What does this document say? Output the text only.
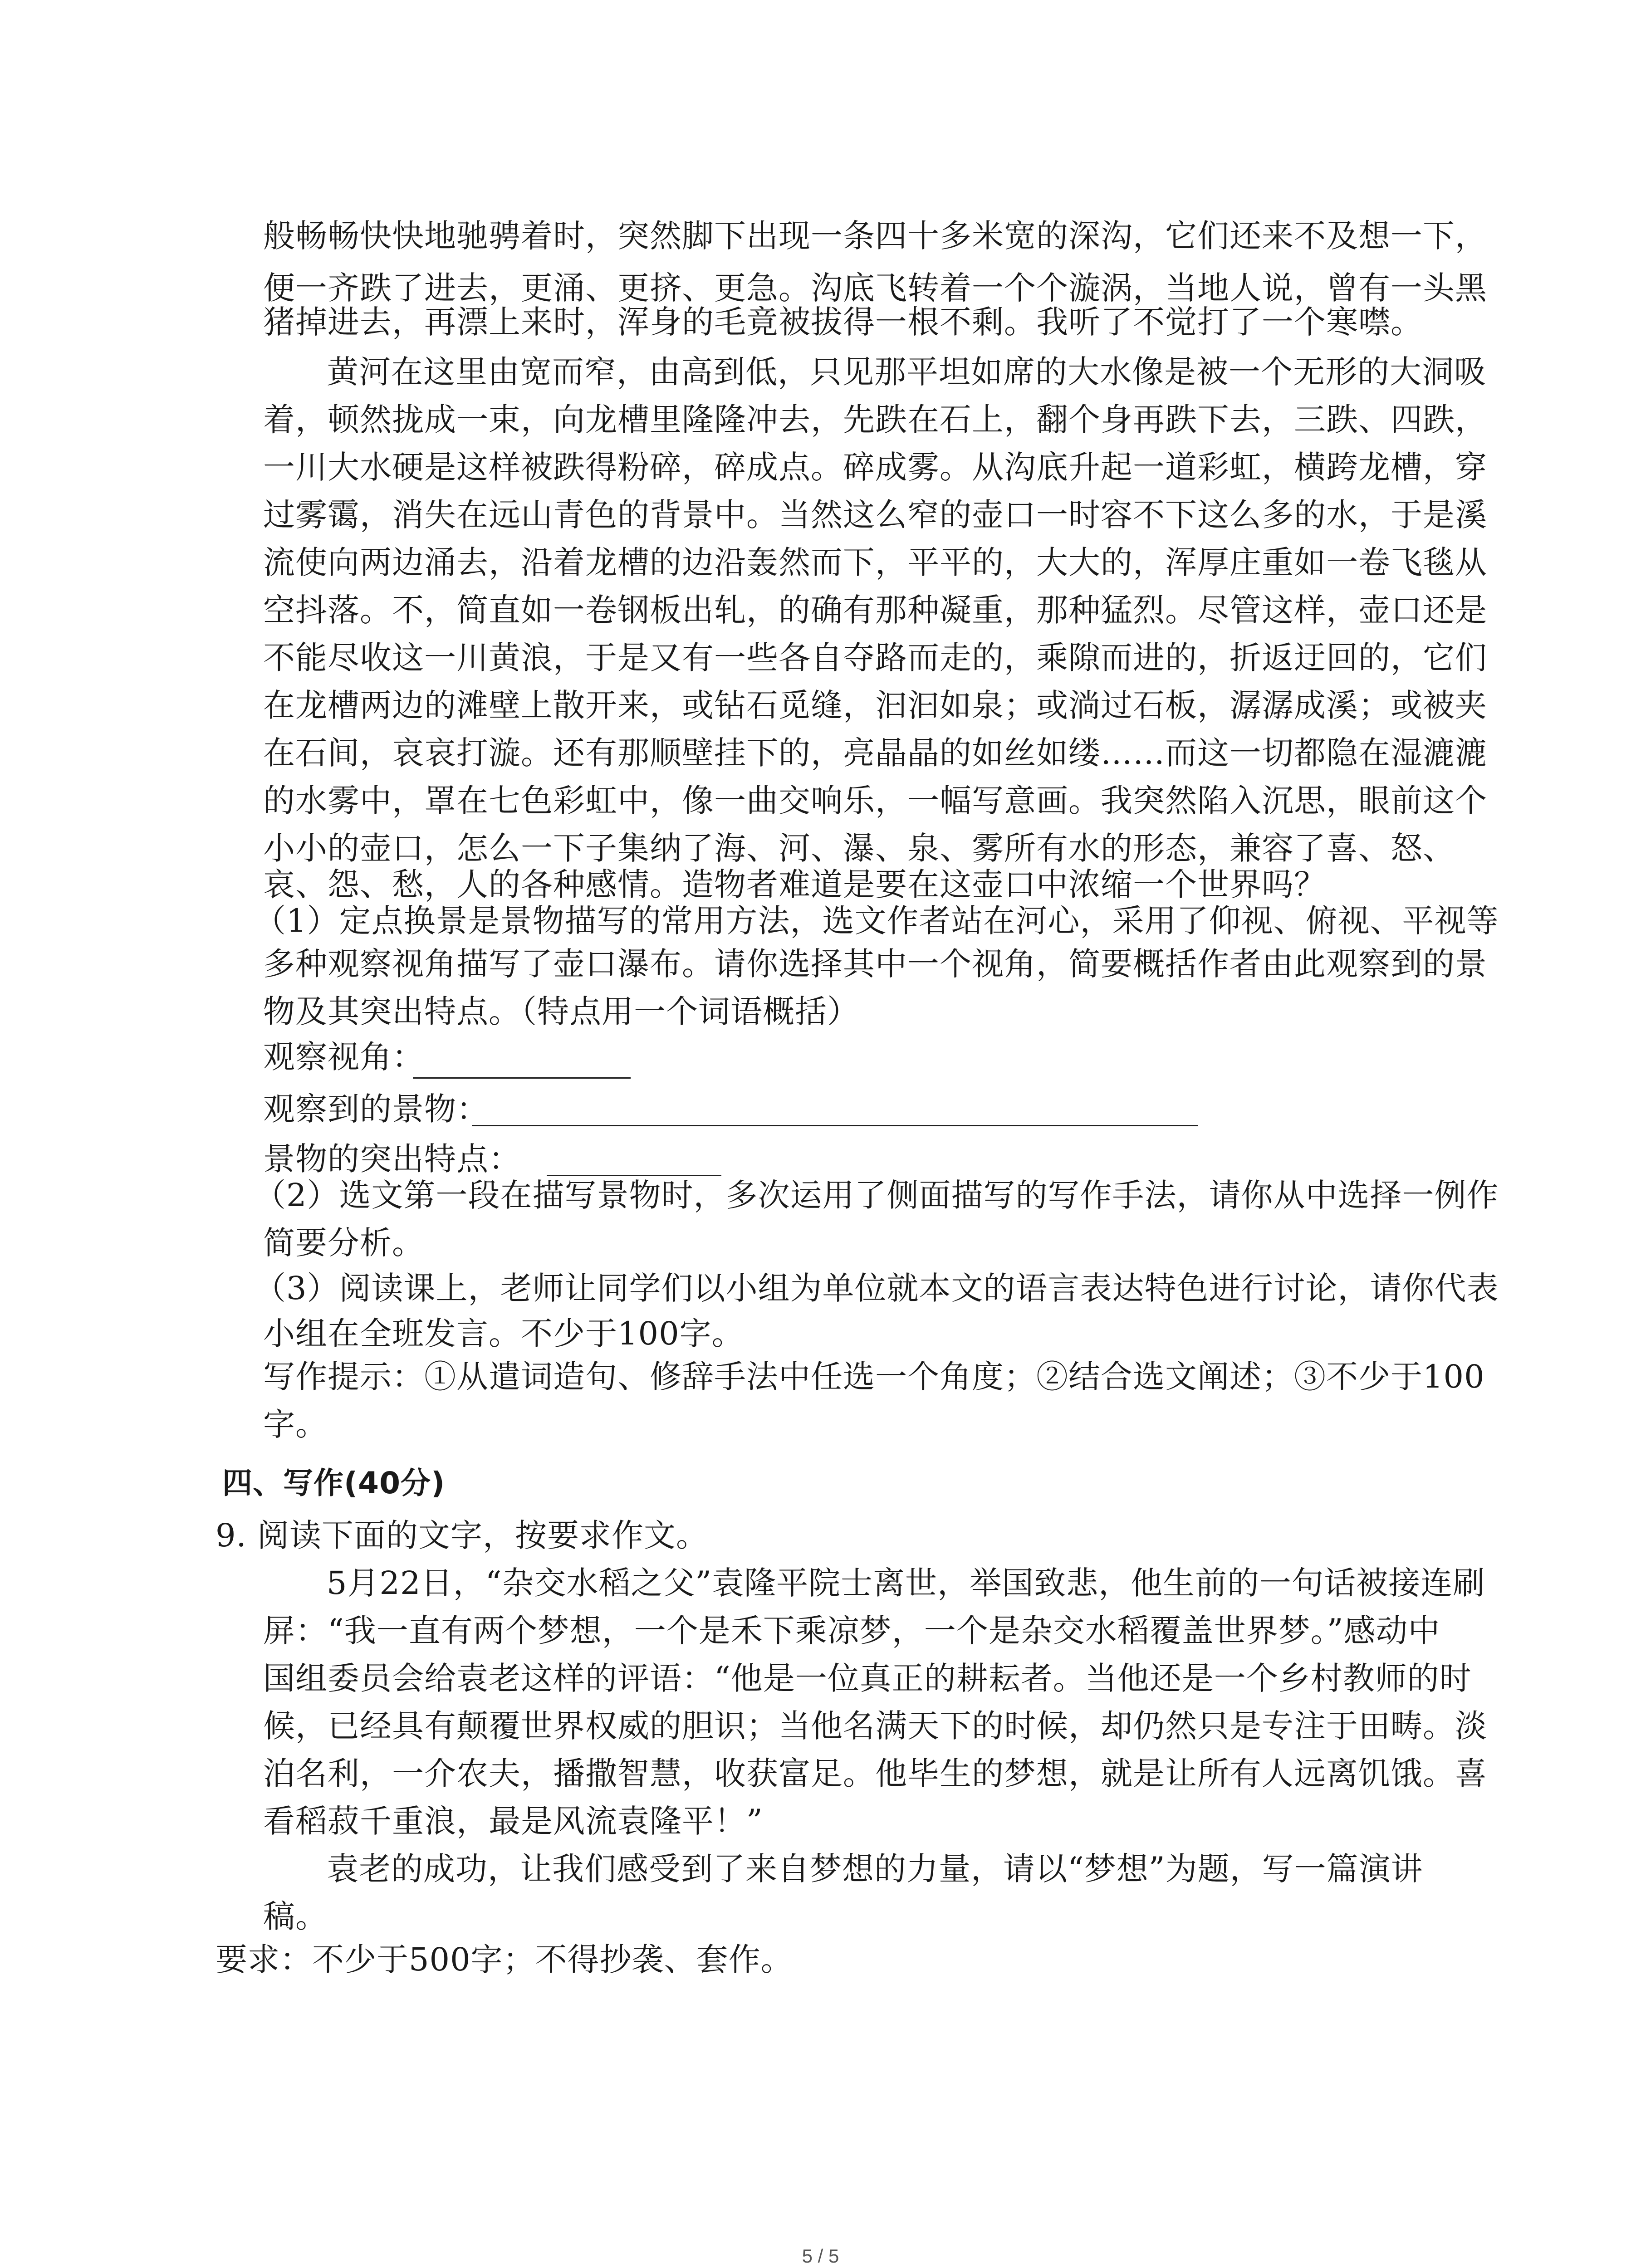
般畅畅快快地驰骋着时，突然脚下出现一条四十多米宽的深沟，它们还来不及想一下，
便一齐跌了进去，更涌、更挤、更急。沟底飞转着一个个漩涡，当地人说，曾有一头黑
猪掉进去，再漂上来时，浑身的毛竟被拔得一根不剩。我听了不觉打了一个寒噤。
黄河在这里由宽而窄，由高到低，只见那平坦如席的大水像是被一个无形的大洞吸
着，顿然拢成一束，向龙槽里隆隆冲去，先跌在石上，翻个身再跌下去，三跌、四跌，
一川大水硬是这样被跌得粉碎，碎成点。碎成雾。从沟底升起一道彩虹，横跨龙槽，穿
过雾霭，消失在远山青色的背景中。当然这么窄的壶口一时容不下这么多的水，于是溪
流使向两边涌去，沿着龙槽的边沿轰然而下，平平的，大大的，浑厚庄重如一卷飞毯从
空抖落。不，简直如一卷钢板出轧，的确有那种凝重，那种猛烈。尽管这样，壶口还是
不能尽收这一川黄浪，于是又有一些各自夺路而走的，乘隙而进的，折返迂回的，它们
在龙槽两边的滩壁上散开来，或钻石觅缝，汩汩如泉；或淌过石板，潺潺成溪；或被夹
在石间，哀哀打漩。还有那顺壁挂下的，亮晶晶的如丝如缕……而这一切都隐在湿漉漉
的水雾中，罩在七色彩虹中，像一曲交响乐，一幅写意画。我突然陷入沉思，眼前这个
小小的壶口，怎么一下子集纳了海、河、瀑、泉、雾所有水的形态，兼容了喜、怒、
哀、怨、愁，人的各种感情。造物者难道是要在这壶口中浓缩一个世界吗？
（1）定点换景是景物描写的常用方法，选文作者站在河心，采用了仰视、俯视、平视等
多种观察视角描写了壶口瀑布。请你选择其中一个视角，简要概括作者由此观察到的景
物及其突出特点。（特点用一个词语概括）
观察视角：
观察到的景物：
景物的突出特点：
（2）选文第一段在描写景物时，多次运用了侧面描写的写作手法，请你从中选择一例作
简要分析。
（3）阅读课上，老师让同学们以小组为单位就本文的语言表达特色进行讨论，请你代表
小组在全班发言。不少于100字。
写作提示：①从遣词造句、修辞手法中任选一个角度；②结合选文阐述；③不少于100
字。
四、写作(40分)
9. 阅读下面的文字，按要求作文。
5月22日，“杂交水稻之父”袁隆平院士离世，举国致悲，他生前的一句话被接连刷
屏：“我一直有两个梦想，一个是禾下乘凉梦，一个是杂交水稻覆盖世界梦。”感动中
国组委员会给袁老这样的评语：“他是一位真正的耕耘者。当他还是一个乡村教师的时
候，已经具有颠覆世界权威的胆识；当他名满天下的时候，却仍然只是专注于田畴。淡
泊名利，一介农夫，播撒智慧，收获富足。他毕生的梦想，就是让所有人远离饥饿。喜
看稻菽千重浪，最是风流袁隆平！”
袁老的成功，让我们感受到了来自梦想的力量，请以“梦想”为题，写一篇演讲
稿。
要求：不少于500字；不得抄袭、套作。
5 / 5
